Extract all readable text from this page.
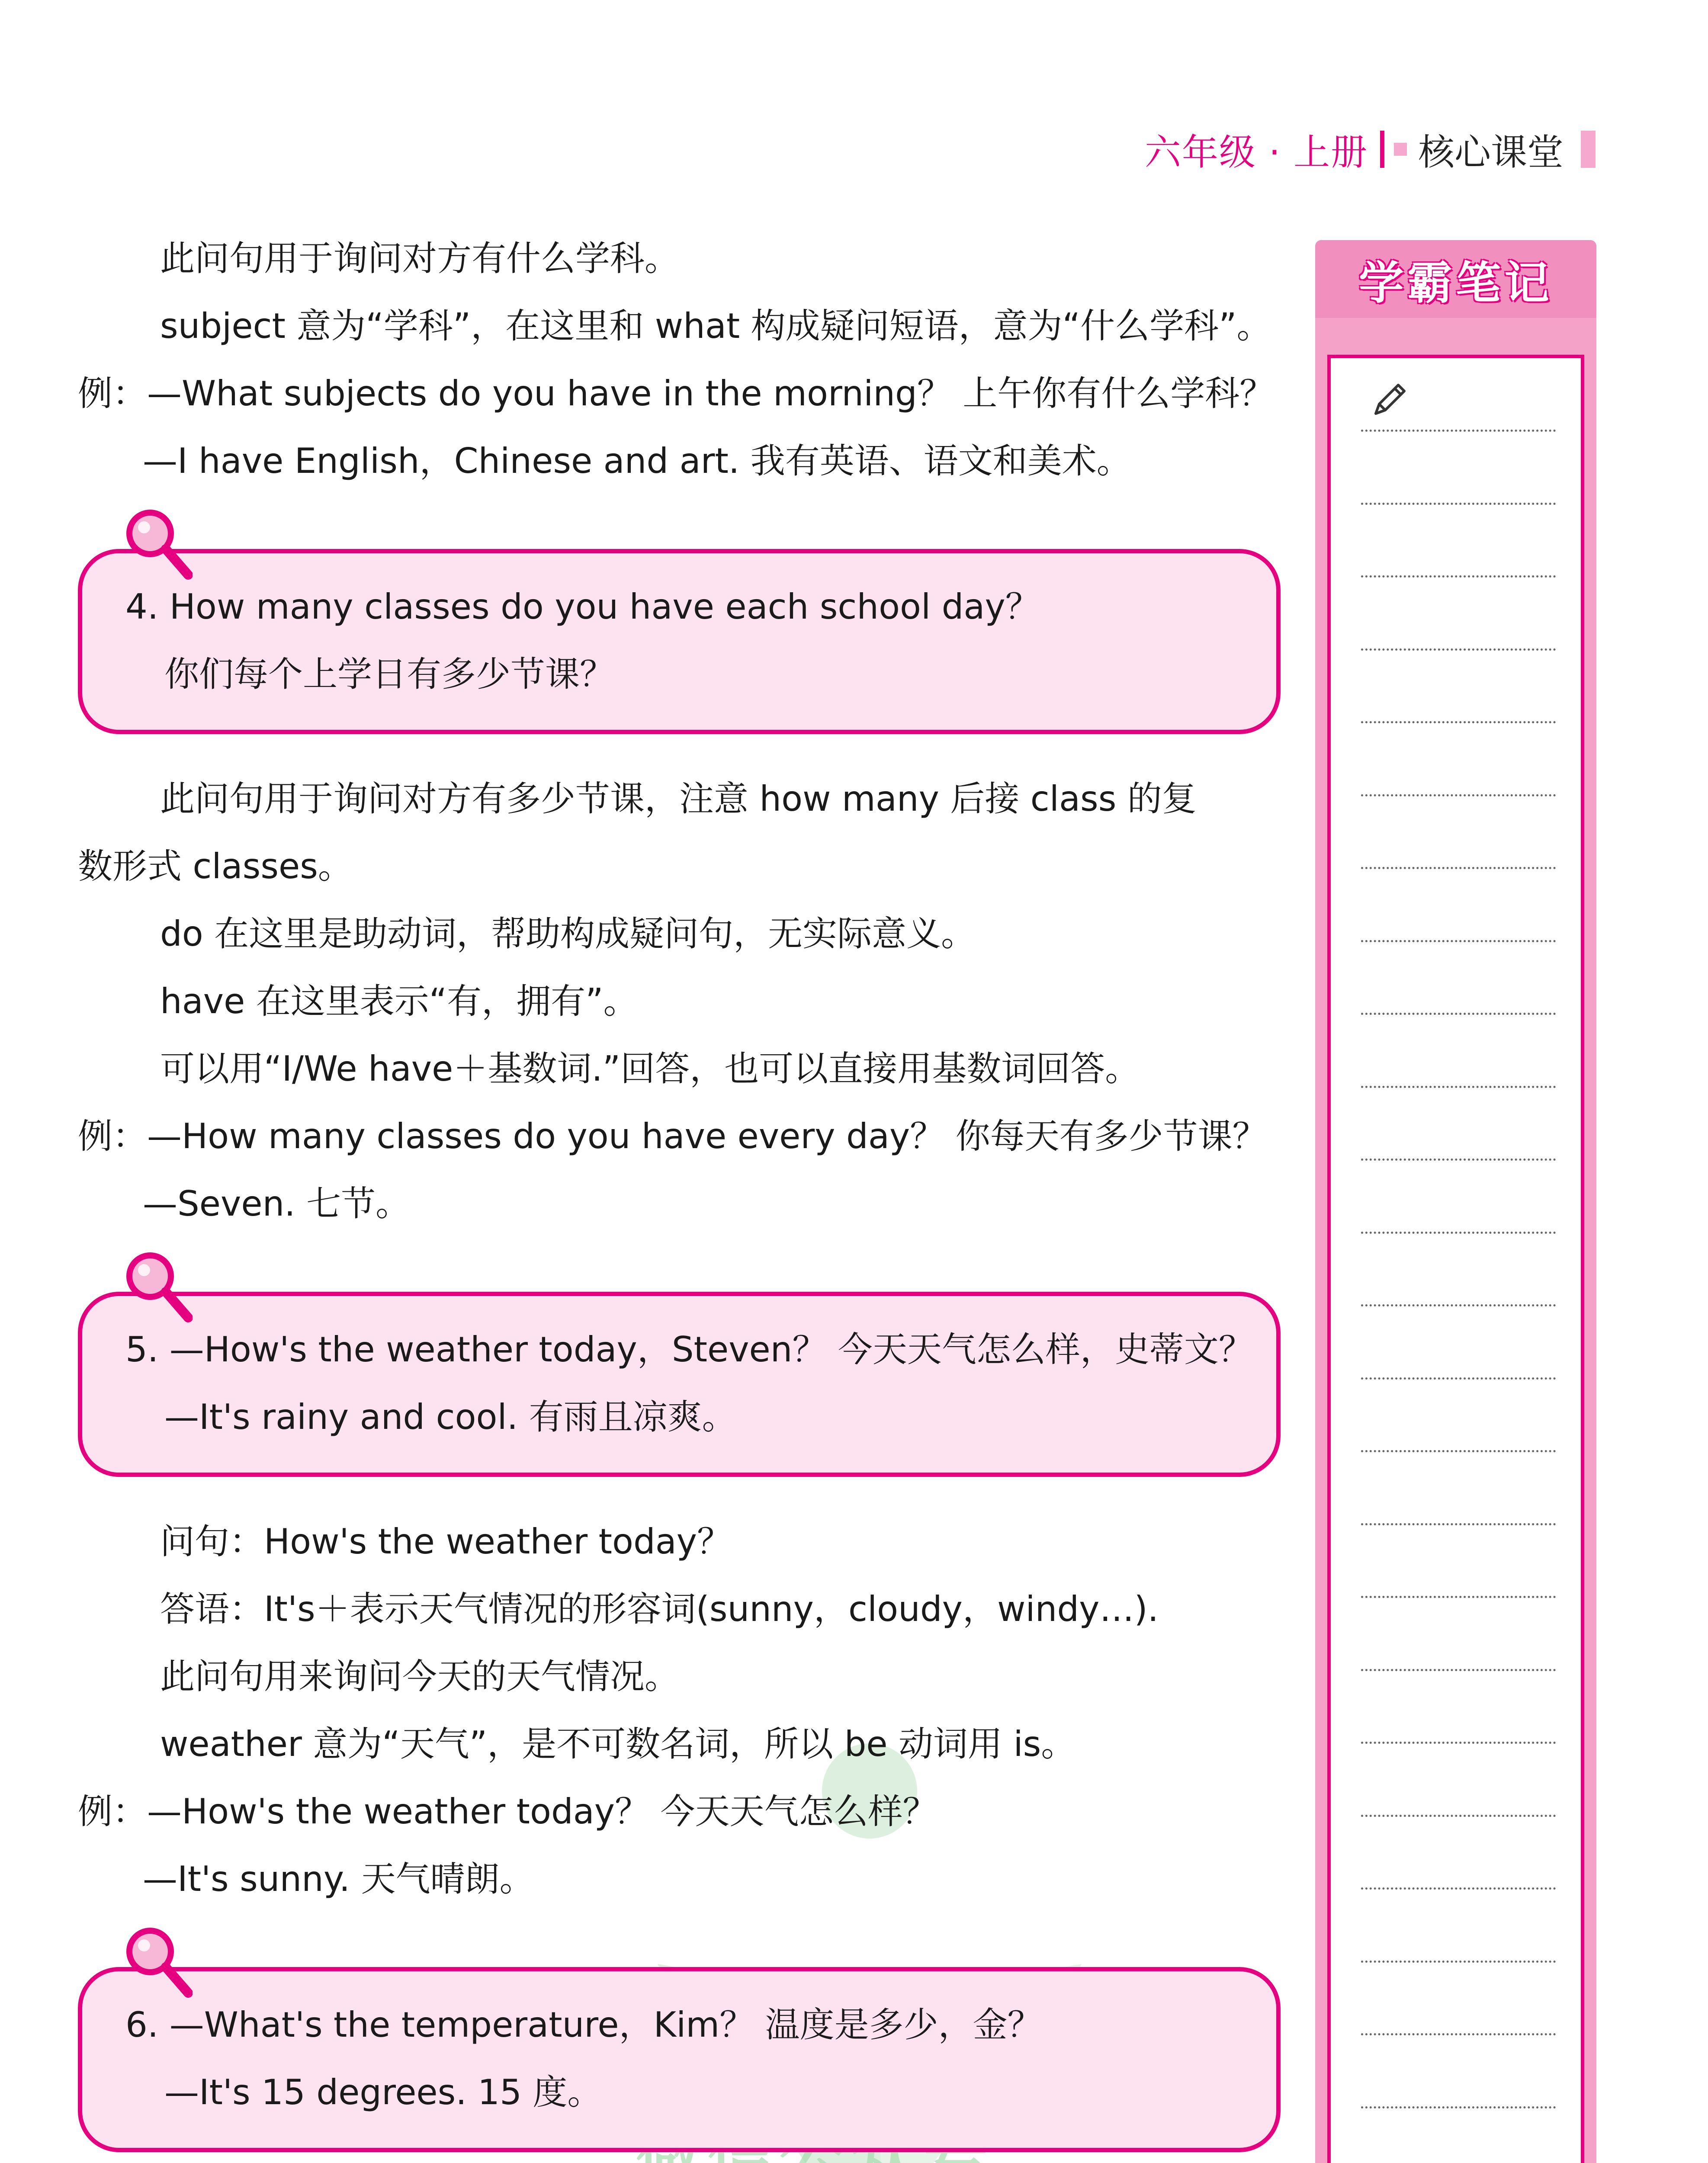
六年级 · 上册 核心课堂
此问句用于询问对方有什么学科。
subject 意为“学科”，在这里和 what 构成疑问短语，意为“什么学科”。
例：—What subjects do you have in the morning？ 上午你有什么学科？
—I have English，Chinese and art. 我有英语、语文和美术。
4. How many classes do you have each school day？
你们每个上学日有多少节课？
此问句用于询问对方有多少节课，注意 how many 后接 class 的复
数形式 classes。
do 在这里是助动词，帮助构成疑问句，无实际意义。
have 在这里表示“有，拥有”。
可以用“I/We have＋基数词.”回答，也可以直接用基数词回答。
例：—How many classes do you have every day？ 你每天有多少节课？
—Seven. 七节。
5. —How's the weather today，Steven？ 今天天气怎么样，史蒂文？
—It's rainy and cool. 有雨且凉爽。
问句：How's the weather today？
答语：It's＋表示天气情况的形容词(sunny，cloudy，windy…).
此问句用来询问今天的天气情况。
weather 意为“天气”，是不可数名词，所以 be 动词用 is。
例：—How's the weather today？ 今天天气怎么样？
—It's sunny. 天气晴朗。
6. —What's the temperature，Kim？ 温度是多少，金？
—It's 15 degrees. 15 度。
学霸笔记
